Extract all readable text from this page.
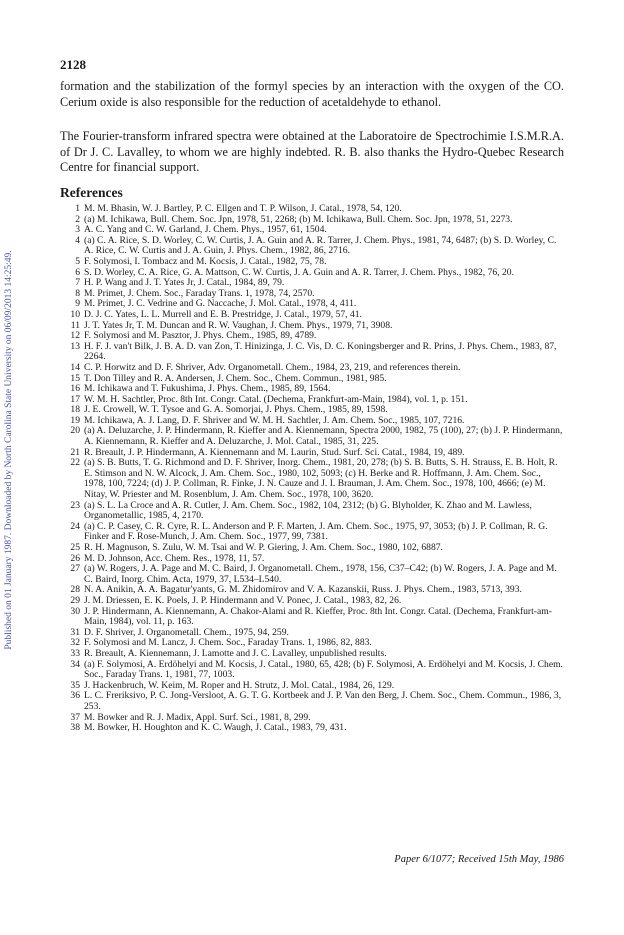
Published on 01 January 1987. Downloaded by North Carolina State University on 06/09/2013 14:25:49.
2128

formation and the stabilization of the formyl species by an interaction with the oxygen of the CO. Cerium oxide is also responsible for the reduction of acetaldehyde to ethanol.

The Fourier-transform infrared spectra were obtained at the Laboratoire de Spectrochimie I.S.M.R.A. of Dr J. C. Lavalley, to whom we are highly indebted. R. B. also thanks the Hydro-Quebec Research Centre for financial support.

References
1 M. M. Bhasin, W. J. Bartley, P. C. Ellgen and T. P. Wilson, J. Catal., 1978, 54, 120.
2 (a) M. Ichikawa, Bull. Chem. Soc. Jpn, 1978, 51, 2268; (b) M. Ichikawa, Bull. Chem. Soc. Jpn, 1978, 51, 2273.
3 A. C. Yang and C. W. Garland, J. Chem. Phys., 1957, 61, 1504.
4 (a) C. A. Rice, S. D. Worley, C. W. Curtis, J. A. Guin and A. R. Tarrer, J. Chem. Phys., 1981, 74, 6487; (b) S. D. Worley, C. A. Rice, C. W. Curtis and J. A. Guin, J. Phys. Chem., 1982, 86, 2716.
5 F. Solymosi, I. Tombacz and M. Kocsis, J. Catal., 1982, 75, 78.
6 S. D. Worley, C. A. Rice, G. A. Mattson, C. W. Curtis, J. A. Guin and A. R. Tarrer, J. Chem. Phys., 1982, 76, 20.
7 H. P. Wang and J. T. Yates Jr, J. Catal., 1984, 89, 79.
8 M. Primet, J. Chem. Soc., Faraday Trans. 1, 1978, 74, 2570.
9 M. Primet, J. C. Vedrine and G. Naccache, J. Mol. Catal., 1978, 4, 411.
10 D. J. C. Yates, L. L. Murrell and E. B. Prestridge, J. Catal., 1979, 57, 41.
11 J. T. Yates Jr, T. M. Duncan and R. W. Vaughan, J. Chem. Phys., 1979, 71, 3908.
12 F. Solymosi and M. Pasztor, J. Phys. Chem., 1985, 89, 4789.
13 H. F. J. van't Bilk, J. B. A. D. van Zon, T. Hinizinga, J. C. Vis, D. C. Koningsberger and R. Prins, J. Phys. Chem., 1983, 87, 2264.
14 C. P. Horwitz and D. F. Shriver, Adv. Organometall. Chem., 1984, 23, 219, and references therein.
15 T. Don Tilley and R. A. Andersen, J. Chem. Soc., Chem. Commun., 1981, 985.
16 M. Ichikawa and T. Fukushima, J. Phys. Chem., 1985, 89, 1564.
17 W. M. H. Sachtler, Proc. 8th Int. Congr. Catal. (Dechema, Frankfurt-am-Main, 1984), vol. 1, p. 151.
18 J. E. Crowell, W. T. Tysoe and G. A. Somorjai, J. Phys. Chem., 1985, 89, 1598.
19 M. Ichikawa, A. J. Lang, D. F. Shriver and W. M. H. Sachtler, J. Am. Chem. Soc., 1985, 107, 7216.
20 (a) A. Deluzarche, J. P. Hindermann, R. Kieffer and A. Kiennemann, Spectra 2000, 1982, 75 (100), 27; (b) J. P. Hindermann, A. Kiennemann, R. Kieffer and A. Deluzarche, J. Mol. Catal., 1985, 31, 225.
21 R. Breault, J. P. Hindermann, A. Kiennemann and M. Laurin, Stud. Surf. Sci. Catal., 1984, 19, 489.
22 (a) S. B. Butts, T. G. Richmond and D. F. Shriver, Inorg. Chem., 1981, 20, 278; (b) S. B. Butts, S. H. Strauss, E. B. Holt, R. E. Stimson and N. W. Alcock, J. Am. Chem. Soc., 1980, 102, 5093; (c) H. Berke and R. Hoffmann, J. Am. Chem. Soc., 1978, 100, 7224; (d) J. P. Collman, R. Finke, J. N. Cauze and J. I. Brauman, J. Am. Chem. Soc., 1978, 100, 4666; (e) M. Nitay, W. Priester and M. Rosenblum, J. Am. Chem. Soc., 1978, 100, 3620.
23 (a) S. L. La Croce and A. R. Cutler, J. Am. Chem. Soc., 1982, 104, 2312; (b) G. Blyholder, K. Zhao and M. Lawless, Organometallic, 1985, 4, 2170.
24 (a) C. P. Casey, C. R. Cyre, R. L. Anderson and P. F. Marten, J. Am. Chem. Soc., 1975, 97, 3053; (b) J. P. Collman, R. G. Finker and F. Rose-Munch, J. Am. Chem. Soc., 1977, 99, 7381.
25 R. H. Magnuson, S. Zulu, W. M. Tsai and W. P. Giering, J. Am. Chem. Soc., 1980, 102, 6887.
26 M. D. Johnson, Acc. Chem. Res., 1978, 11, 57.
27 (a) W. Rogers, J. A. Page and M. C. Baird, J. Organometall. Chem., 1978, 156, C37–C42; (b) W. Rogers, J. A. Page and M. C. Baird, Inorg. Chim. Acta, 1979, 37, L534–L540.
28 N. A. Anikin, A. A. Bagatur'yants, G. M. Zhidomirov and V. A. Kazanskii, Russ. J. Phys. Chem., 1983, 5713, 393.
29 J. M. Driessen, E. K. Poels, J. P. Hindermann and V. Ponec, J. Catal., 1983, 82, 26.
30 J. P. Hindermann, A. Kiennemann, A. Chakor-Alami and R. Kieffer, Proc. 8th Int. Congr. Catal. (Dechema, Frankfurt-am-Main, 1984), vol. 11, p. 163.
31 D. F. Shriver, J. Organometall. Chem., 1975, 94, 259.
32 F. Solymosi and M. Lancz, J. Chem. Soc., Faraday Trans. 1, 1986, 82, 883.
33 R. Breault, A. Kiennemann, J. Lamotte and J. C. Lavalley, unpublished results.
34 (a) F. Solymosi, A. Erdöhelyi and M. Kocsis, J. Catal., 1980, 65, 428; (b) F. Solymosi, A. Erdöhelyi and M. Kocsis, J. Chem. Soc., Faraday Trans. 1, 1981, 77, 1003.
35 J. Hackenbruch, W. Keim, M. Roper and H. Strutz, J. Mol. Catal., 1984, 26, 129.
36 L. C. Freriksivo, P. C. Jong-Versloot, A. G. T. G. Kortbeek and J. P. Van den Berg, J. Chem. Soc., Chem. Commun., 1986, 3, 253.
37 M. Bowker and R. J. Madix, Appl. Surf. Sci., 1981, 8, 299.
38 M. Bowker, H. Houghton and K. C. Waugh, J. Catal., 1983, 79, 431.
Paper 6/1077; Received 15th May, 1986
